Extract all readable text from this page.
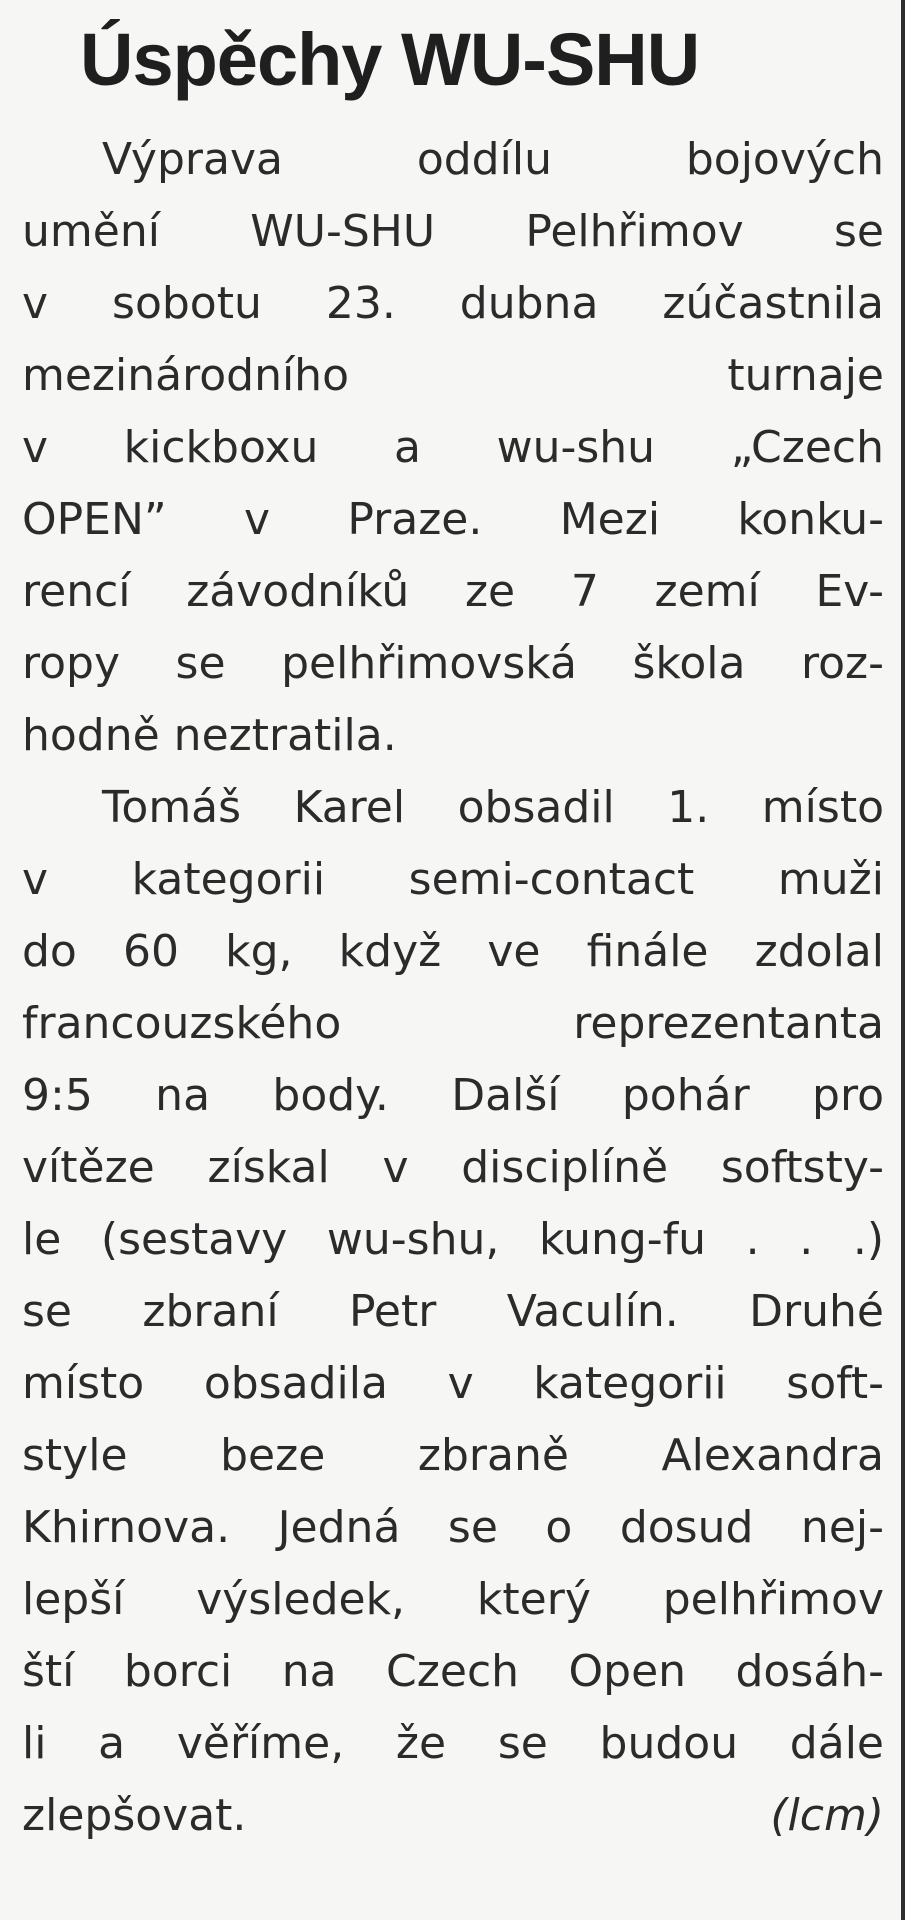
Úspěchy WU-SHU
Výprava oddílu bojových
umění WU-SHU Pelhřimov se
v sobotu 23. dubna zúčastnila
mezinárodního turnaje
v kickboxu a wu-shu „Czech
OPEN” v Praze. Mezi konku-
rencí závodníků ze 7 zemí Ev-
ropy se pelhřimovská škola roz-
hodně neztratila.
Tomáš Karel obsadil 1. místo
v kategorii semi-contact muži
do 60 kg, když ve finále zdolal
francouzského reprezentanta
9:5 na body. Další pohár pro
vítěze získal v disciplíně softsty-
le (sestavy wu-shu, kung-fu . . .)
se zbraní Petr Vaculín. Druhé
místo obsadila v kategorii soft-
style beze zbraně Alexandra
Khirnova. Jedná se o dosud nej-
lepší výsledek, který pelhřimov
ští borci na Czech Open dosáh-
li a věříme, že se budou dále
zlepšovat.	(lcm)
